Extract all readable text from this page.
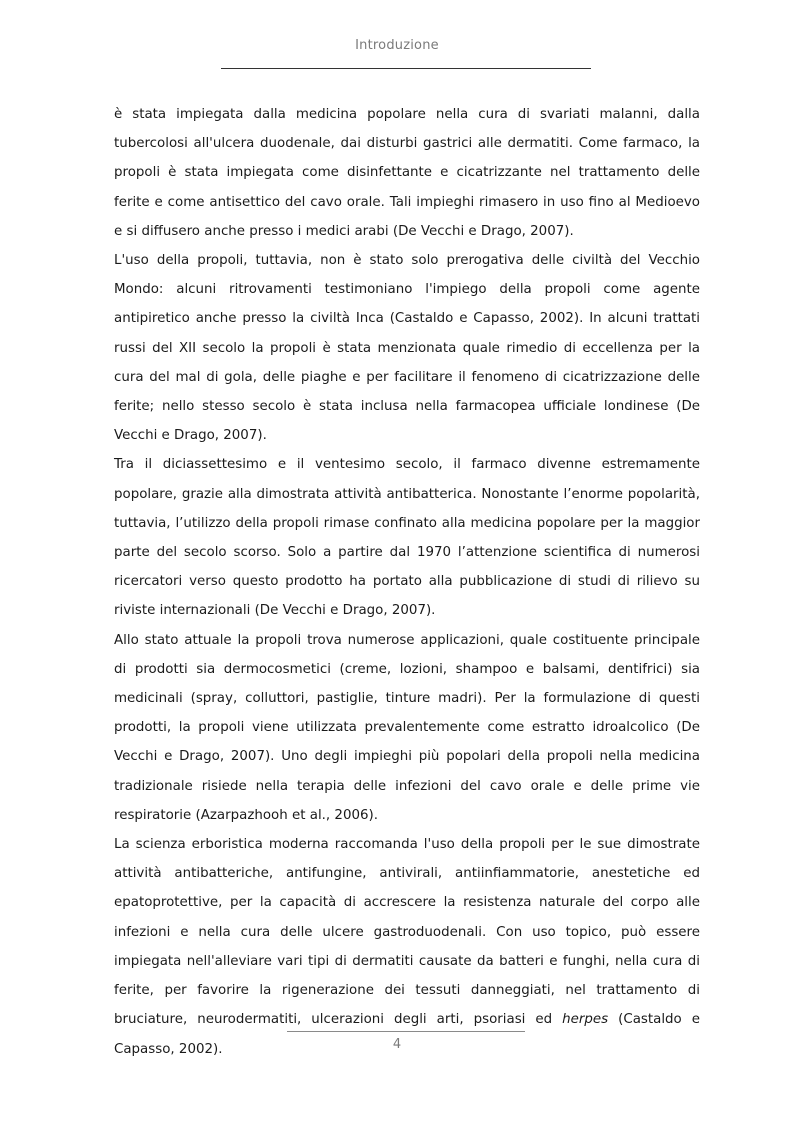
Introduzione

è stata impiegata dalla medicina popolare nella cura di svariati malanni, dalla tubercolosi all'ulcera duodenale, dai disturbi gastrici alle dermatiti. Come farmaco, la propoli è stata impiegata come disinfettante e cicatrizzante nel trattamento delle ferite e come antisettico del cavo orale. Tali impieghi rimasero in uso fino al Medioevo e si diffusero anche presso i medici arabi (De Vecchi e Drago, 2007).

L'uso della propoli, tuttavia, non è stato solo prerogativa delle civiltà del Vecchio Mondo: alcuni ritrovamenti testimoniano l'impiego della propoli come agente antipiretico anche presso la civiltà Inca (Castaldo e Capasso, 2002). In alcuni trattati russi del XII secolo la propoli è stata menzionata quale rimedio di eccellenza per la cura del mal di gola, delle piaghe e per facilitare il fenomeno di cicatrizzazione delle ferite; nello stesso secolo è stata inclusa nella farmacopea ufficiale londinese (De Vecchi e Drago, 2007).

Tra il diciassettesimo e il ventesimo secolo, il farmaco divenne estremamente popolare, grazie alla dimostrata attività antibatterica. Nonostante l’enorme popolarità, tuttavia, l’utilizzo della propoli rimase confinato alla medicina popolare per la maggior parte del secolo scorso. Solo a partire dal 1970 l’attenzione scientifica di numerosi ricercatori verso questo prodotto ha portato alla pubblicazione di studi di rilievo su riviste internazionali (De Vecchi e Drago, 2007).

Allo stato attuale la propoli trova numerose applicazioni, quale costituente principale di prodotti sia dermocosmetici (creme, lozioni, shampoo e balsami, dentifrici) sia medicinali (spray, colluttori, pastiglie, tinture madri). Per la formulazione di questi prodotti, la propoli viene utilizzata prevalentemente come estratto idroalcolico (De Vecchi e Drago, 2007). Uno degli impieghi più popolari della propoli nella medicina tradizionale risiede nella terapia delle infezioni del cavo orale e delle prime vie respiratorie (Azarpazhooh et al., 2006).

La scienza erboristica moderna raccomanda l'uso della propoli per le sue dimostrate attività antibatteriche, antifungine, antivirali, antiinfiammatorie, anestetiche ed epatoprotettive, per la capacità di accrescere la resistenza naturale del corpo alle infezioni e nella cura delle ulcere gastroduodenali. Con uso topico, può essere impiegata nell'alleviare vari tipi di dermatiti causate da batteri e funghi, nella cura di ferite, per favorire la rigenerazione dei tessuti danneggiati, nel trattamento di bruciature, neurodermatiti, ulcerazioni degli arti, psoriasi ed herpes (Castaldo e Capasso, 2002).	4
